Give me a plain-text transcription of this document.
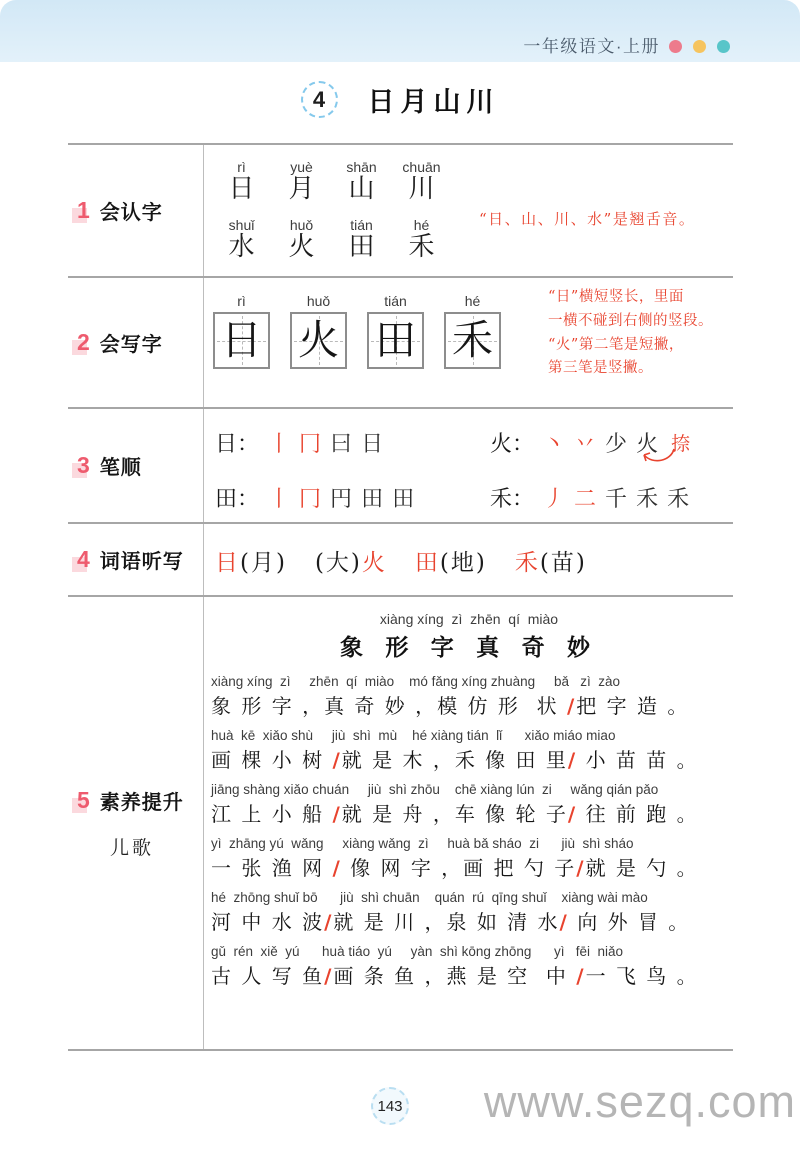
一年级语文·上册
4	日月山川
1 会认字
rì
日
yuè
月
shān
山
chuān
川
shuǐ
水
huǒ
火
tián
田
hé
禾
“日、山、川、水”是翘舌音。
2 会写字
rì
日
huǒ
火
tián
田
hé
禾
“日”横短竖长，里面
一横不碰到右侧的竖段。
“火”第二笔是短撇，
第三笔是竖撇。
3 笔顺
日： 丨 冂 曰 日	火： 丶 丷 少 火 捺
田： 丨 冂 円 田 田	禾： 丿 二 千 禾 禾
4 词语听写 日(月) (大)火 田(地) 禾(苗)
5 素养提升
儿歌
xiàng xíng  zì  zhēn  qí  miào
象 形 字 真 奇 妙
xiàng xíng  zì     zhēn  qí  miào    mó fǎng xíng zhuàng     bǎ   zì  zào
象 形 字 ，真 奇 妙 ，模 仿 形  状 /把 字 造 。
huà  kē  xiǎo shù     jiù  shì  mù    hé xiàng tián  lǐ      xiǎo miáo miao
画 棵 小 树 /就 是 木 ，禾 像 田 里/ 小 苗 苗 。
jiāng shàng xiǎo chuán     jiù  shì zhōu    chē xiàng lún  zi     wǎng qián pǎo
江 上 小 船 /就 是 舟 ，车 像 轮 子/ 往 前 跑 。
yì  zhāng yú  wǎng     xiàng wǎng  zì     huà bǎ sháo  zi      jiù  shì sháo
一 张 渔 网 / 像 网 字 ，画 把 勺 子/就 是 勺 。
hé  zhōng shuǐ bō      jiù  shì chuān    quán  rú  qīng shuǐ    xiàng wài mào
河 中 水 波/就 是 川 ，泉 如 清 水/ 向 外 冒 。
gǔ  rén  xiě  yú      huà tiáo  yú     yàn  shì kōng zhōng      yì   fēi  niǎo
古 人 写 鱼/画 条 鱼 ，燕 是 空  中 /一 飞 鸟 。
143 www.sezq.com
